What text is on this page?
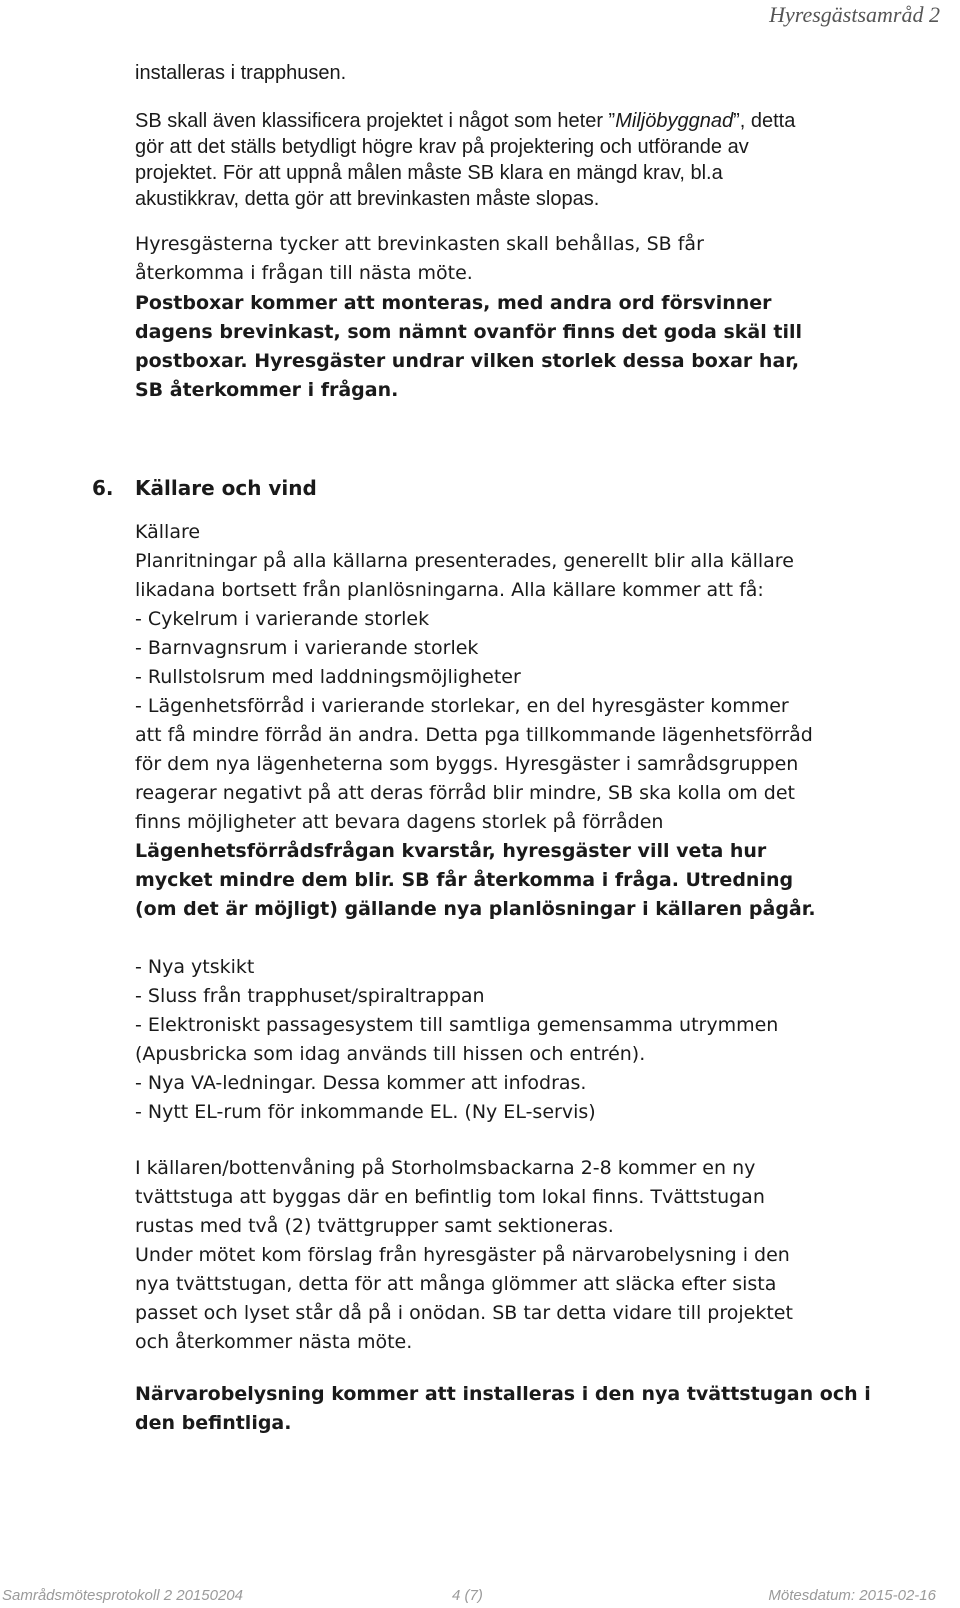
Hyresgästsamråd 2
installeras i trapphusen.
SB skall även klassificera projektet i något som heter ”Miljöbyggnad”, detta
gör att det ställs betydligt högre krav på projektering och utförande av
projektet. För att uppnå målen måste SB klara en mängd krav, bl.a
akustikkrav, detta gör att brevinkasten måste slopas.
Hyresgästerna tycker att brevinkasten skall behållas, SB får
återkomma i frågan till nästa möte.
Postboxar kommer att monteras, med andra ord försvinner
dagens brevinkast, som nämnt ovanför finns det goda skäl till
postboxar. Hyresgäster undrar vilken storlek dessa boxar har,
SB återkommer i frågan.
6. Källare och vind
Källare
Planritningar på alla källarna presenterades, generellt blir alla källare
likadana bortsett från planlösningarna. Alla källare kommer att få:
- Cykelrum i varierande storlek
- Barnvagnsrum i varierande storlek
- Rullstolsrum med laddningsmöjligheter
- Lägenhetsförråd i varierande storlekar, en del hyresgäster kommer
att få mindre förråd än andra. Detta pga tillkommande lägenhetsförråd
för dem nya lägenheterna som byggs. Hyresgäster i samrådsgruppen
reagerar negativt på att deras förråd blir mindre, SB ska kolla om det
finns möjligheter att bevara dagens storlek på förråden
Lägenhetsförrådsfrågan kvarstår, hyresgäster vill veta hur
mycket mindre dem blir. SB får återkomma i fråga. Utredning
(om det är möjligt) gällande nya planlösningar i källaren pågår.
- Nya ytskikt
- Sluss från trapphuset/spiraltrappan
- Elektroniskt passagesystem till samtliga gemensamma utrymmen
(Apusbricka som idag används till hissen och entrén).
- Nya VA-ledningar. Dessa kommer att infodras.
- Nytt EL-rum för inkommande EL. (Ny EL-servis)
I källaren/bottenvåning på Storholmsbackarna 2-8 kommer en ny
tvättstuga att byggas där en befintlig tom lokal finns. Tvättstugan
rustas med två (2) tvättgrupper samt sektioneras.
Under mötet kom förslag från hyresgäster på närvarobelysning i den
nya tvättstugan, detta för att många glömmer att släcka efter sista
passet och lyset står då på i onödan. SB tar detta vidare till projektet
och återkommer nästa möte.
Närvarobelysning kommer att installeras i den nya tvättstugan och i
den befintliga.
Samrådsmötesprotokoll 2 20150204	4 (7)	Mötesdatum: 2015-02-16
